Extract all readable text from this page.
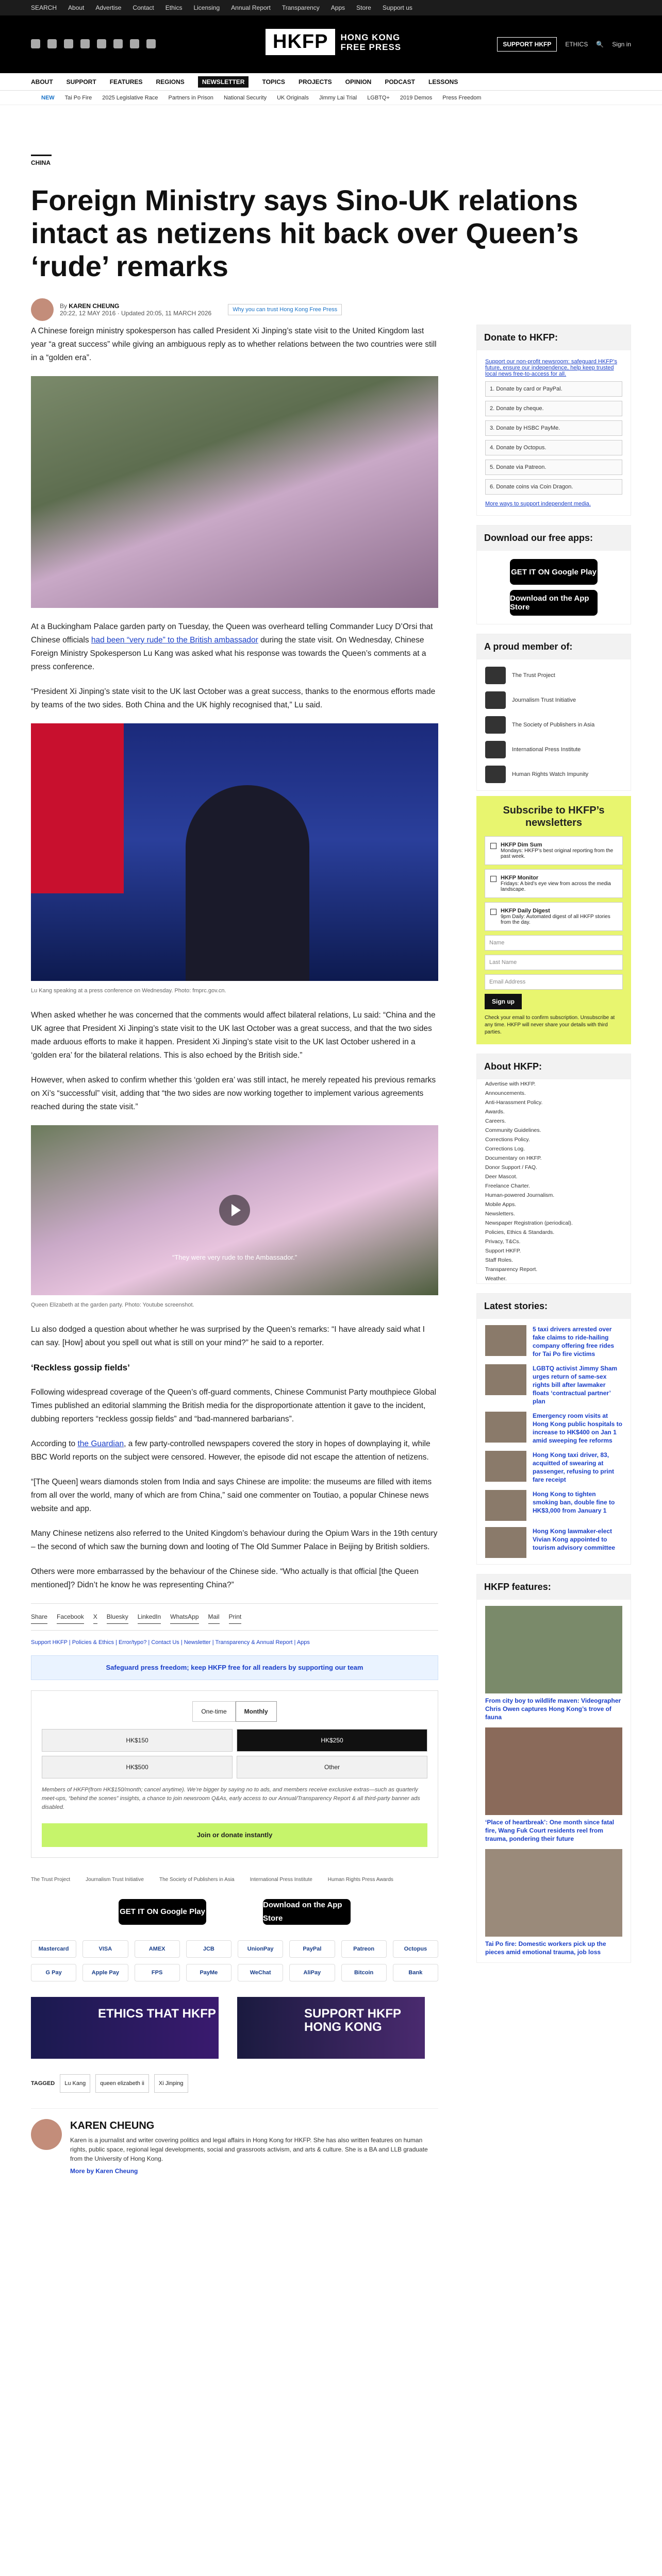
SEARCH About Advertise Contact Ethics Licensing Annual Report Transparency Apps Store Support us
HKFP	HONG KONG
FREE PRESS	SUPPORT HKFP	ETHICS 🔍 Sign in
ABOUT SUPPORT FEATURES REGIONS	NEWSLETTER	TOPICS PROJECTS OPINION PODCAST LESSONS
NEW Tai Po Fire 2025 Legislative Race Partners in Prison National Security UK Originals Jimmy Lai Trial LGBTQ+ 2019 Demos Press Freedom
CHINA
Foreign Ministry says Sino-UK relations intact as netizens hit back over Queen’s ‘rude’ remarks
By KAREN CHEUNG
20:22, 12 MAY 2016 · Updated 20:05, 11 MARCH 2026	Why you can trust Hong Kong Free Press

A Chinese foreign ministry spokesperson has called President Xi Jinping’s state visit to the United Kingdom last year “a great success” while giving an ambiguous reply as to whether relations between the two countries were still in a “golden era”.

At a Buckingham Palace garden party on Tuesday, the Queen was overheard telling Commander Lucy D’Orsi that Chinese officials had been “very rude” to the British ambassador during the state visit. On Wednesday, Chinese Foreign Ministry Spokesperson Lu Kang was asked what his response was towards the Queen’s comments at a press conference.

“President Xi Jinping’s state visit to the UK last October was a great success, thanks to the enormous efforts made by teams of the two sides. Both China and the UK highly recognised that,” Lu said.

Lu Kang speaking at a press conference on Wednesday. Photo: fmprc.gov.cn.

When asked whether he was concerned that the comments would affect bilateral relations, Lu said: “China and the UK agree that President Xi Jinping’s state visit to the UK last October was a great success, and that the two sides made arduous efforts to make it happen. President Xi Jinping’s state visit to the UK last October ushered in a ‘golden era’ for the bilateral relations. This is also echoed by the British side.”

However, when asked to confirm whether this ‘golden era’ was still intact, he merely repeated his previous remarks on Xi’s “successful” visit, adding that “the two sides are now working together to implement various agreements reached during the state visit.”

“They were very rude to the Ambassador.”

Queen Elizabeth at the garden party. Photo: Youtube screenshot.

Lu also dodged a question about whether he was surprised by the Queen’s remarks: “I have already said what I can say. [How] about you spell out what is still on your mind?” he said to a reporter.

‘Reckless gossip fields’

Following widespread coverage of the Queen’s off-guard comments, Chinese Communist Party mouthpiece Global Times published an editorial slamming the British media for the disproportionate attention it gave to the incident, dubbing reporters “reckless gossip fields” and “bad-mannered barbarians”.

According to the Guardian, a few party-controlled newspapers covered the story in hopes of downplaying it, while BBC World reports on the subject were censored. However, the episode did not escape the attention of netizens.

“[The Queen] wears diamonds stolen from India and says Chinese are impolite: the museums are filled with items from all over the world, many of which are from China,” said one commenter on Toutiao, a popular Chinese news website and app.

Many Chinese netizens also referred to the United Kingdom’s behaviour during the Opium Wars in the 19th century – the second of which saw the burning down and looting of The Old Summer Palace in Beijing by British soldiers.

Others were more embarrassed by the behaviour of the Chinese side. “Who actually is that official [the Queen mentioned]? Didn’t he know he was representing China?”

Share Facebook X Bluesky LinkedIn WhatsApp Mail Print
Support HKFP | Policies & Ethics | Error/typo? | Contact Us | Newsletter | Transparency & Annual Report | Apps
Safeguard press freedom; keep HKFP free for all readers by supporting our team
One-time	Monthly
HK$150	HK$250
HK$500	Other

Members of HKFP(from HK$150/month; cancel anytime). We’re bigger by saying no to ads, and members receive exclusive extras—such as quarterly meet-ups, “behind the scenes” insights, a chance to join newsroom Q&As, early access to our Annual/Transparency Report & all third-party banner ads disabled.

Join or donate instantly
The Trust Project	Journalism Trust Initiative	The Society of Publishers in Asia	International Press Institute	Human Rights Press Awards
GET IT ON Google Play
Download on the App Store
Mastercard	VISA	AMEX	JCB	UnionPay	PayPal	Patreon	Octopus
G Pay	Apple Pay	FPS	PayMe	WeChat	AliPay	Bitcoin	Bank
ETHICS THAT HKFP	SUPPORT HKFP HONG KONG
TAGGED	Lu Kang	queen elizabeth ii	Xi Jinping
KAREN CHEUNG

Karen is a journalist and writer covering politics and legal affairs in Hong Kong for HKFP. She has also written features on human rights, public space, regional legal developments, social and grassroots activism, and arts & culture. She is a BA and LLB graduate from the University of Hong Kong.

More by Karen Cheung

Donate to HKFP:

Support our non-profit newsroom: safeguard HKFP’s future, ensure our independence, help keep trusted local news free-to-access for all.

1. Donate by card or PayPal.
2. Donate by cheque.
3. Donate by HSBC PayMe.
4. Donate by Octopus.
5. Donate via Patreon.
6. Donate coins via Coin Dragon.

More ways to support independent media.

Download our free apps:
GET IT ON Google Play
Download on the App Store
A proud member of:
The Trust Project
Journalism Trust Initiative
The Society of Publishers in Asia
International Press Institute
Human Rights Watch Impunity
Subscribe to HKFP’s newsletters
HKFP Dim Sum
Mondays: HKFP’s best original reporting from the past week.
HKFP Monitor
Fridays: A bird’s eye view from across the media landscape.
HKFP Daily Digest
9pm Daily: Automated digest of all HKFP stories from the day.
Name
Last Name
Email Address
Sign up

Check your email to confirm subscription. Unsubscribe at any time. HKFP will never share your details with third parties.

About HKFP:
Advertise with HKFP.
Announcements.
Anti-Harassment Policy.
Awards.
Careers.
Community Guidelines.
Corrections Policy.
Corrections Log.
Documentary on HKFP.
Donor Support / FAQ.
Deer Mascot.
Freelance Charter.
Human-powered Journalism.
Mobile Apps.
Newsletters.
Newspaper Registration (periodical).
Policies, Ethics & Standards.
Privacy, T&Cs.
Support HKFP.
Staff Roles.
Transparency Report.
Weather.
Latest stories:
5 taxi drivers arrested over fake claims to ride-hailing company offering free rides for Tai Po fire victims
LGBTQ activist Jimmy Sham urges return of same-sex rights bill after lawmaker floats ‘contractual partner’ plan
Emergency room visits at Hong Kong public hospitals to increase to HK$400 on Jan 1 amid sweeping fee reforms
Hong Kong taxi driver, 83, acquitted of swearing at passenger, refusing to print fare receipt
Hong Kong to tighten smoking ban, double fine to HK$3,000 from January 1
Hong Kong lawmaker-elect Vivian Kong appointed to tourism advisory committee
HKFP features:

From city boy to wildlife maven: Videographer Chris Owen captures Hong Kong’s trove of fauna

‘Place of heartbreak’: One month since fatal fire, Wang Fuk Court residents reel from trauma, pondering their future

Tai Po fire: Domestic workers pick up the pieces amid emotional trauma, job loss
